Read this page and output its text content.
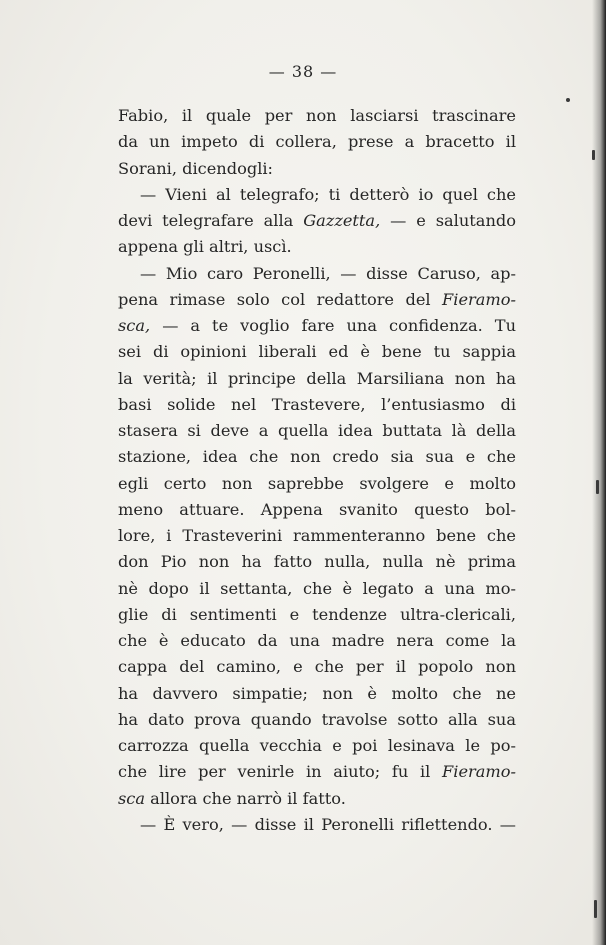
— 38 —
Fabio, il quale per non lasciarsi trascinare
da un impeto di collera, prese a bracetto il
Sorani, dicendogli:
— Vieni al telegrafo; ti detterò io quel che
devi telegrafare alla Gazzetta, — e salutando
appena gli altri, uscì.
— Mio caro Peronelli, — disse Caruso, ap-
pena rimase solo col redattore del Fieramo-
sca, — a te voglio fare una confidenza. Tu
sei di opinioni liberali ed è bene tu sappia
la verità; il principe della Marsiliana non ha
basi solide nel Trastevere, l’entusiasmo di
stasera si deve a quella idea buttata là della
stazione, idea che non credo sia sua e che
egli certo non saprebbe svolgere e molto
meno attuare. Appena svanito questo bol-
lore, i Trasteverini rammenteranno bene che
don Pio non ha fatto nulla, nulla nè prima
nè dopo il settanta, che è legato a una mo-
glie di sentimenti e tendenze ultra-clericali,
che è educato da una madre nera come la
cappa del camino, e che per il popolo non
ha davvero simpatie; non è molto che ne
ha dato prova quando travolse sotto alla sua
carrozza quella vecchia e poi lesinava le po-
che lire per venirle in aiuto; fu il Fieramo-
sca allora che narrò il fatto.
— È vero, — disse il Peronelli riflettendo. —
